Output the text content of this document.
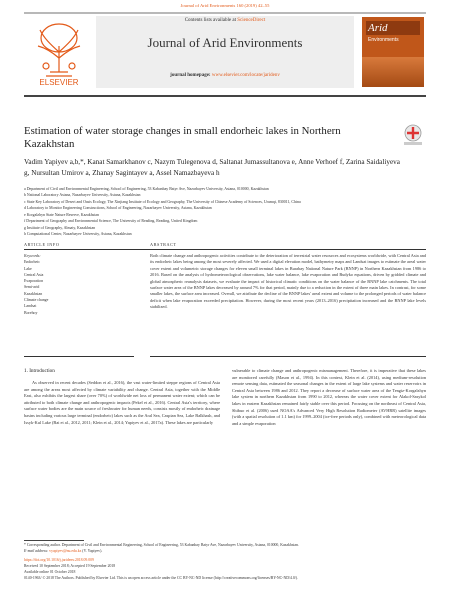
Journal of Arid Environments 160 (2019) 42–55
ELSEVIER
Contents lists available at ScienceDirect
Journal of Arid Environments
journal homepage: www.elsevier.com/locate/jaridenv
Arid
Environments
Estimation of water storage changes in small endorheic lakes in Northern Kazakhstan
Vadim Yapiyev a,b,*, Kanat Samarkhanov c, Nazym Tulegenova d, Saltanat Jumassultanova e, Anne Verhoef f, Zarina Saidaliyeva g, Nursultan Umirov a, Zhanay Sagintayev a, Assel Namazbayeva h
a Department of Civil and Environmental Engineering, School of Engineering, 53 Kabanbay Batyr Ave, Nazarbayev University, Astana, 010000, Kazakhstan
b National Laboratory Astana, Nazarbayev University, Astana, Kazakhstan
c State Key Laboratory of Desert and Oasis Ecology, The Xinjiang Institute of Ecology and Geography, The University of Chinese Academy of Sciences, Urumqi, 830011, China
d Laboratory to Monitor Engineering Constructions, School of Engineering, Nazarbayev University, Astana, Kazakhstan
e Korgalzhyn State Nature Reserve, Kazakhstan
f Department of Geography and Environmental Science, The University of Reading, Reading, United Kingdom
g Institute of Geography, Almaty, Kazakhstan
h Computational Center, Nazarbayev University, Astana, Kazakhstan
ARTICLE INFO	ABSTRACT
Keywords:
Endorheic
Lake
Central Asia
Evaporation
Semi-arid
Kazakhstan
Climate change
Landsat
Borehoy
Both climate change and anthropogenic activities contribute to the deterioration of terrestrial water resources and ecosystems worldwide, with Central Asia and its endorheic lakes being among the most severely affected. We used a digital elevation model, bathymetry maps and Landsat images to estimate the areal water cover extent and volumetric storage changes for eleven small terminal lakes in Burabay National Nature Park (BNNP) in Northern Kazakhstan from 1986 to 2016. Based on the analysis of hydrometeorological observations, lake water balance, lake evaporation and Budyko equations, driven by gridded climate and global atmospheric reanalysis datasets, we evaluate the impact of historical climatic conditions on the water balance of the BNNP lake catchments. The total surface water area of the BNNP lakes decreased by around 7% for that period, mainly due to a reduction in the extent of three main lakes. In contrast, for some smaller lakes, the surface area increased. Overall, we attribute the decline of the BNNP lakes' areal extent and volume to the prolonged periods of water balance deficit when lake evaporation exceeded precipitation. However, during the most recent years (2013–2016) precipitation increased and the BNNP lake levels stabilized.
1. Introduction
As observed in recent decades (Seddon et al., 2016), the vast water-limited steppe regions of Central Asia are among the areas most affected by climate variability and change. Central Asia, together with the Middle East, also exhibits the largest share (over 70%) of worldwide net loss of permanent water extent; which can be attributed to both climate change and anthropogenic impacts (Pekel et al., 2016). Central Asia's territory, where surface water bodies are the main source of freshwater for human needs, consists mostly of endorheic drainage basins including various large terminal (endorheic) lakes such as the Aral Sea, Caspian Sea, Lake Balkhash, and Issyk-Kul Lake (Bai et al., 2012, 2011; Klein et al., 2014; Yapiyev et al., 2017a). These lakes are particularly
vulnerable to climate change and anthropogenic mismanagement. Therefore, it is imperative that these lakes are monitored carefully (Mason et al., 1994). In this context, Klein et al. (2014), using medium-resolution remote sensing data, estimated the seasonal changes in the extent of large lake systems and water reservoirs in Central Asia between 1986 and 2012. They report a decrease of surface water area of the Tengiz-Korgalzhyn lake system in northern Kazakhstan from 1990 to 2012, whereas the water cover extent for Alakol-Sasykol lakes in eastern Kazakhstan remained fairly stable over this period. Focusing on the northeast of Central Asia, Shibuo et al. (2006) used NOAA's Advanced Very High Resolution Radiometer (AVHRR) satellite images (with a spatial resolution of 1.1 km) for 1999–2004 (ice-free periods only), combined with meteorological data and a simple evaporation
* Corresponding author. Department of Civil and Environmental Engineering, School of Engineering, 53 Kabanbay Batyr Ave, Nazarbayev University, Astana, 010000, Kazakhstan.
E-mail address: vyapiyev@nu.edu.kz (V. Yapiyev).
https://doi.org/10.1016/j.jaridenv.2018.09.009
Received 10 September 2018; Accepted 19 September 2018
Available online 01 October 2018
0140-1963/ © 2018 The Authors. Published by Elsevier Ltd. This is an open access article under the CC BY-NC-ND license (http://creativecommons.org/licenses/BY-NC-ND/4.0/).
